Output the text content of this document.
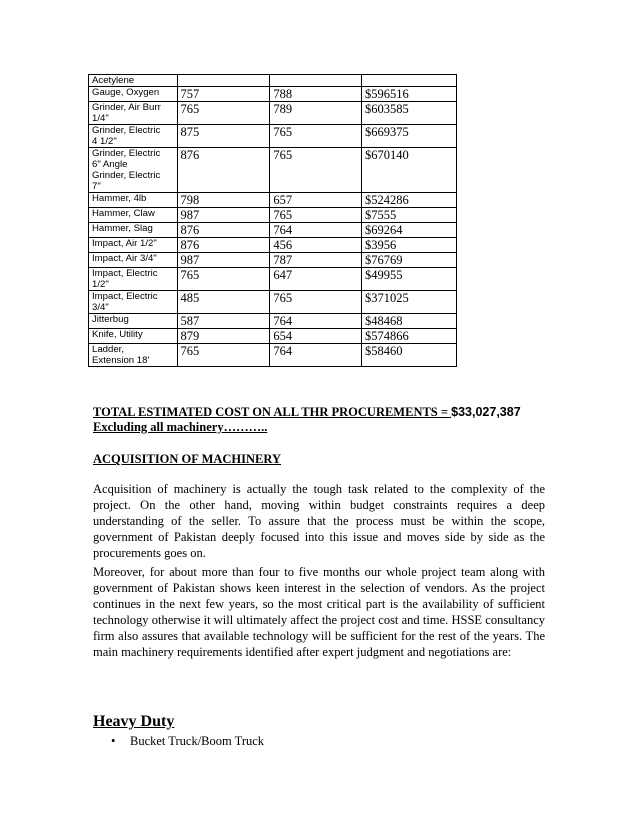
Acetylene			

Gauge, Oxygen	757	788	$596516

Grinder, Air Burr
1/4"	765	789	$603585

Grinder, Electric
4 1/2"	875	765	$669375

Grinder, Electric
6" Angle
Grinder, Electric
7"	876	765	$670140

Hammer, 4lb	798	657	$524286

Hammer, Claw	987	765	$7555

Hammer, Slag	876	764	$69264

Impact, Air 1/2"	876	456	$3956

Impact, Air 3/4"	987	787	$76769

Impact, Electric
1/2"	765	647	$49955

Impact, Electric
3/4"	485	765	$371025

Jitterbug	587	764	$48468

Knife, Utility	879	654	$574866

Ladder,
Extension 18'	765	764	$58460
TOTAL ESTIMATED COST ON ALL THR PROCUREMENTS = $33,027,387
Excluding all machinery………..
ACQUISITION OF MACHINERY

Acquisition of machinery is actually the tough task related to the complexity of the project. On the other hand, moving within budget constraints requires a deep understanding of the seller. To assure that the process must be within the scope, government of Pakistan deeply focused into this issue and moves side by side as the procurements goes on.

Moreover, for about more than four to five months our whole project team along with government of Pakistan shows keen interest in the selection of vendors. As the project continues in the next few years, so the most critical part is the availability of sufficient technology otherwise it will ultimately affect the project cost and time. HSSE consultancy firm also assures that available technology will be sufficient for the rest of the years. The main machinery requirements identified after expert judgment and negotiations are:

Heavy Duty
• Bucket Truck/Boom Truck
